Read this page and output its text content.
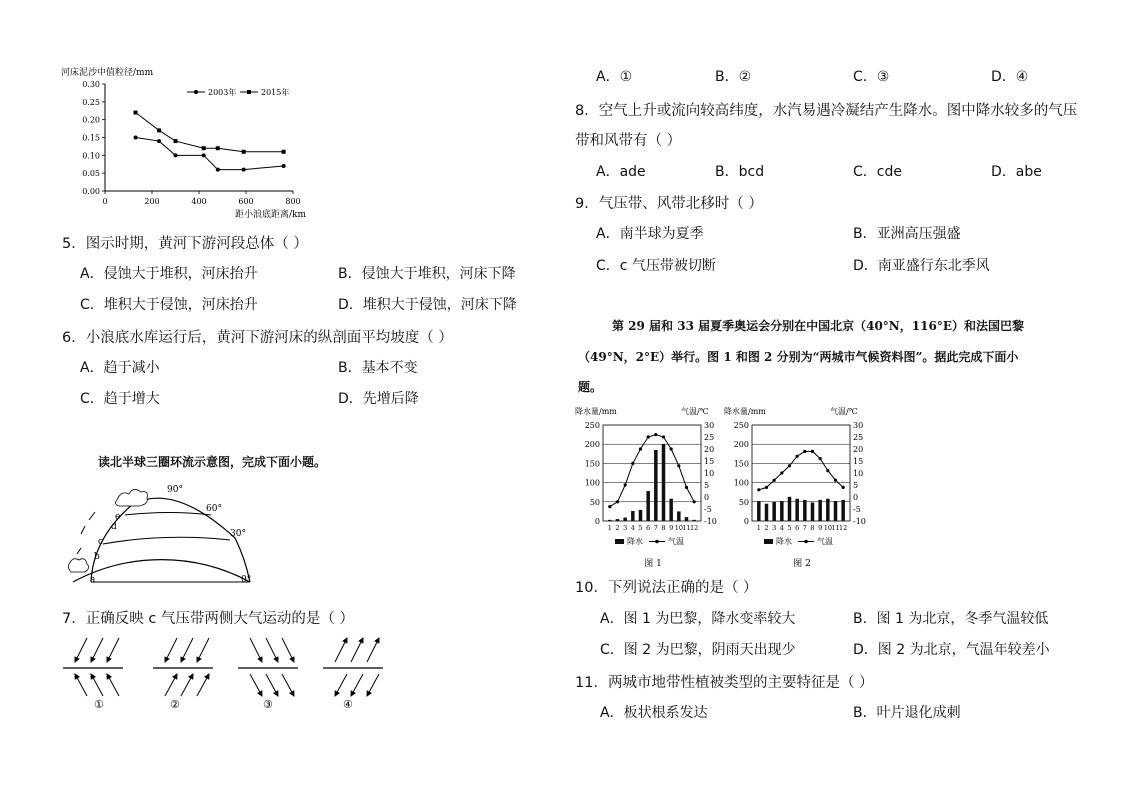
河床泥沙中值粒径/mm
0.30
0.25
0.20
0.15
0.10
0.05
0.00
0	200	400	600	800
2003年	2015年
距小浪底距离/km
5．图示时期，黄河下游河段总体（ ）
A．侵蚀大于堆积，河床抬升	B．侵蚀大于堆积，河床下降
C．堆积大于侵蚀，河床抬升	D．堆积大于侵蚀，河床下降
6．小浪底水库运行后，黄河下游河床的纵剖面平均坡度（ ）
A．趋于减小	B．基本不变
C．趋于增大	D．先增后降
读北半球三圈环流示意图，完成下面小题。
90°
60°
30°
0°
e
d
c
b
a
7．正确反映 c 气压带两侧大气运动的是（ ）
①	②	③	④
A．①	B．②	C．③	D．④
8．空气上升或流向较高纬度，水汽易遇冷凝结产生降水。图中降水较多的气压
带和风带有（ ）
A．ade	B．bcd	C．cde	D．abe
9．气压带、风带北移时（ ）
A．南半球为夏季	B．亚洲高压强盛
C．c 气压带被切断	D．南亚盛行东北季风
第 29 届和 33 届夏季奥运会分别在中国北京（40°N，116°E）和法国巴黎
（49°N，2°E）举行。图 1 和图 2 分别为“两城市气候资料图”。据此完成下面小
题。
降水量/mm	气温/℃
250
200
150
100
50
0
30
25
20
15
10
5
0
-5
-10
1 2 3 4 5 6 7 8 9 10 11 12
降水	气温
图 1
降水量/mm	气温/℃
250
200
150
100
50
0
30
25
20
15
10
5
0
-5
-10
1 2 3 4 5 6 7 8 9 10 11 12
降水	气温
图 2
10．下列说法正确的是（ ）
A．图 1 为巴黎，降水变率较大	B．图 1 为北京，冬季气温较低
C．图 2 为巴黎，阴雨天出现少	D．图 2 为北京，气温年较差小
11．两城市地带性植被类型的主要特征是（ ）
A．板状根系发达	B．叶片退化成刺
